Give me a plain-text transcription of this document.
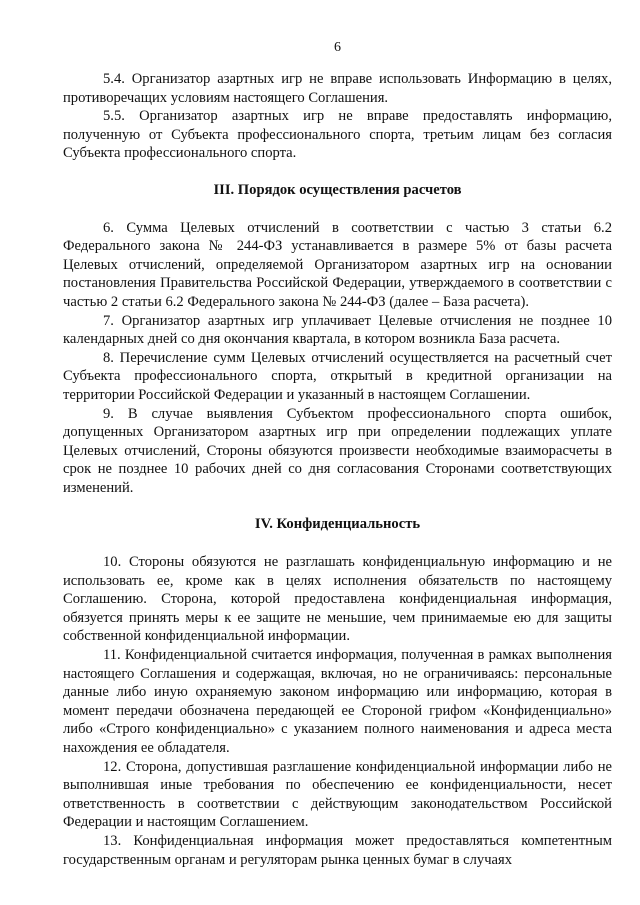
6

5.4. Организатор азартных игр не вправе использовать Информацию в целях, противоречащих условиям настоящего Соглашения.

5.5. Организатор азартных игр не вправе предоставлять информацию, полученную от Субъекта профессионального спорта, третьим лицам без согласия Субъекта профессионального спорта.

III. Порядок осуществления расчетов

6. Сумма Целевых отчислений в соответствии с частью 3 статьи 6.2 Федерального закона № 244-ФЗ устанавливается в размере 5% от базы расчета Целевых отчислений, определяемой Организатором азартных игр на основании постановления Правительства Российской Федерации, утверждаемого в соответствии с частью 2 статьи 6.2 Федерального закона № 244-ФЗ (далее – База расчета).

7. Организатор азартных игр уплачивает Целевые отчисления не позднее 10 календарных дней со дня окончания квартала, в котором возникла База расчета.

8. Перечисление сумм Целевых отчислений осуществляется на расчетный счет Субъекта профессионального спорта, открытый в кредитной организации на территории Российской Федерации и указанный в настоящем Соглашении.

9. В случае выявления Субъектом профессионального спорта ошибок, допущенных Организатором азартных игр при определении подлежащих уплате Целевых отчислений, Стороны обязуются произвести необходимые взаиморасчеты в срок не позднее 10 рабочих дней со дня согласования Сторонами соответствующих изменений.

IV. Конфиденциальность

10. Стороны обязуются не разглашать конфиденциальную информацию и не использовать ее, кроме как в целях исполнения обязательств по настоящему Соглашению. Сторона, которой предоставлена конфиденциальная информация, обязуется принять меры к ее защите не меньшие, чем принимаемые ею для защиты собственной конфиденциальной информации.

11. Конфиденциальной считается информация, полученная в рамках выполнения настоящего Соглашения и содержащая, включая, но не ограничиваясь: персональные данные либо иную охраняемую законом информацию или информацию, которая в момент передачи обозначена передающей ее Стороной грифом «Конфиденциально» либо «Строго конфиденциально» с указанием полного наименования и адреса места нахождения ее обладателя.

12. Сторона, допустившая разглашение конфиденциальной информации либо не выполнившая иные требования по обеспечению ее конфиденциальности, несет ответственность в соответствии с действующим законодательством Российской Федерации и настоящим Соглашением.

13. Конфиденциальная информация может предоставляться компетентным государственным органам и регуляторам рынка ценных бумаг в случаях
